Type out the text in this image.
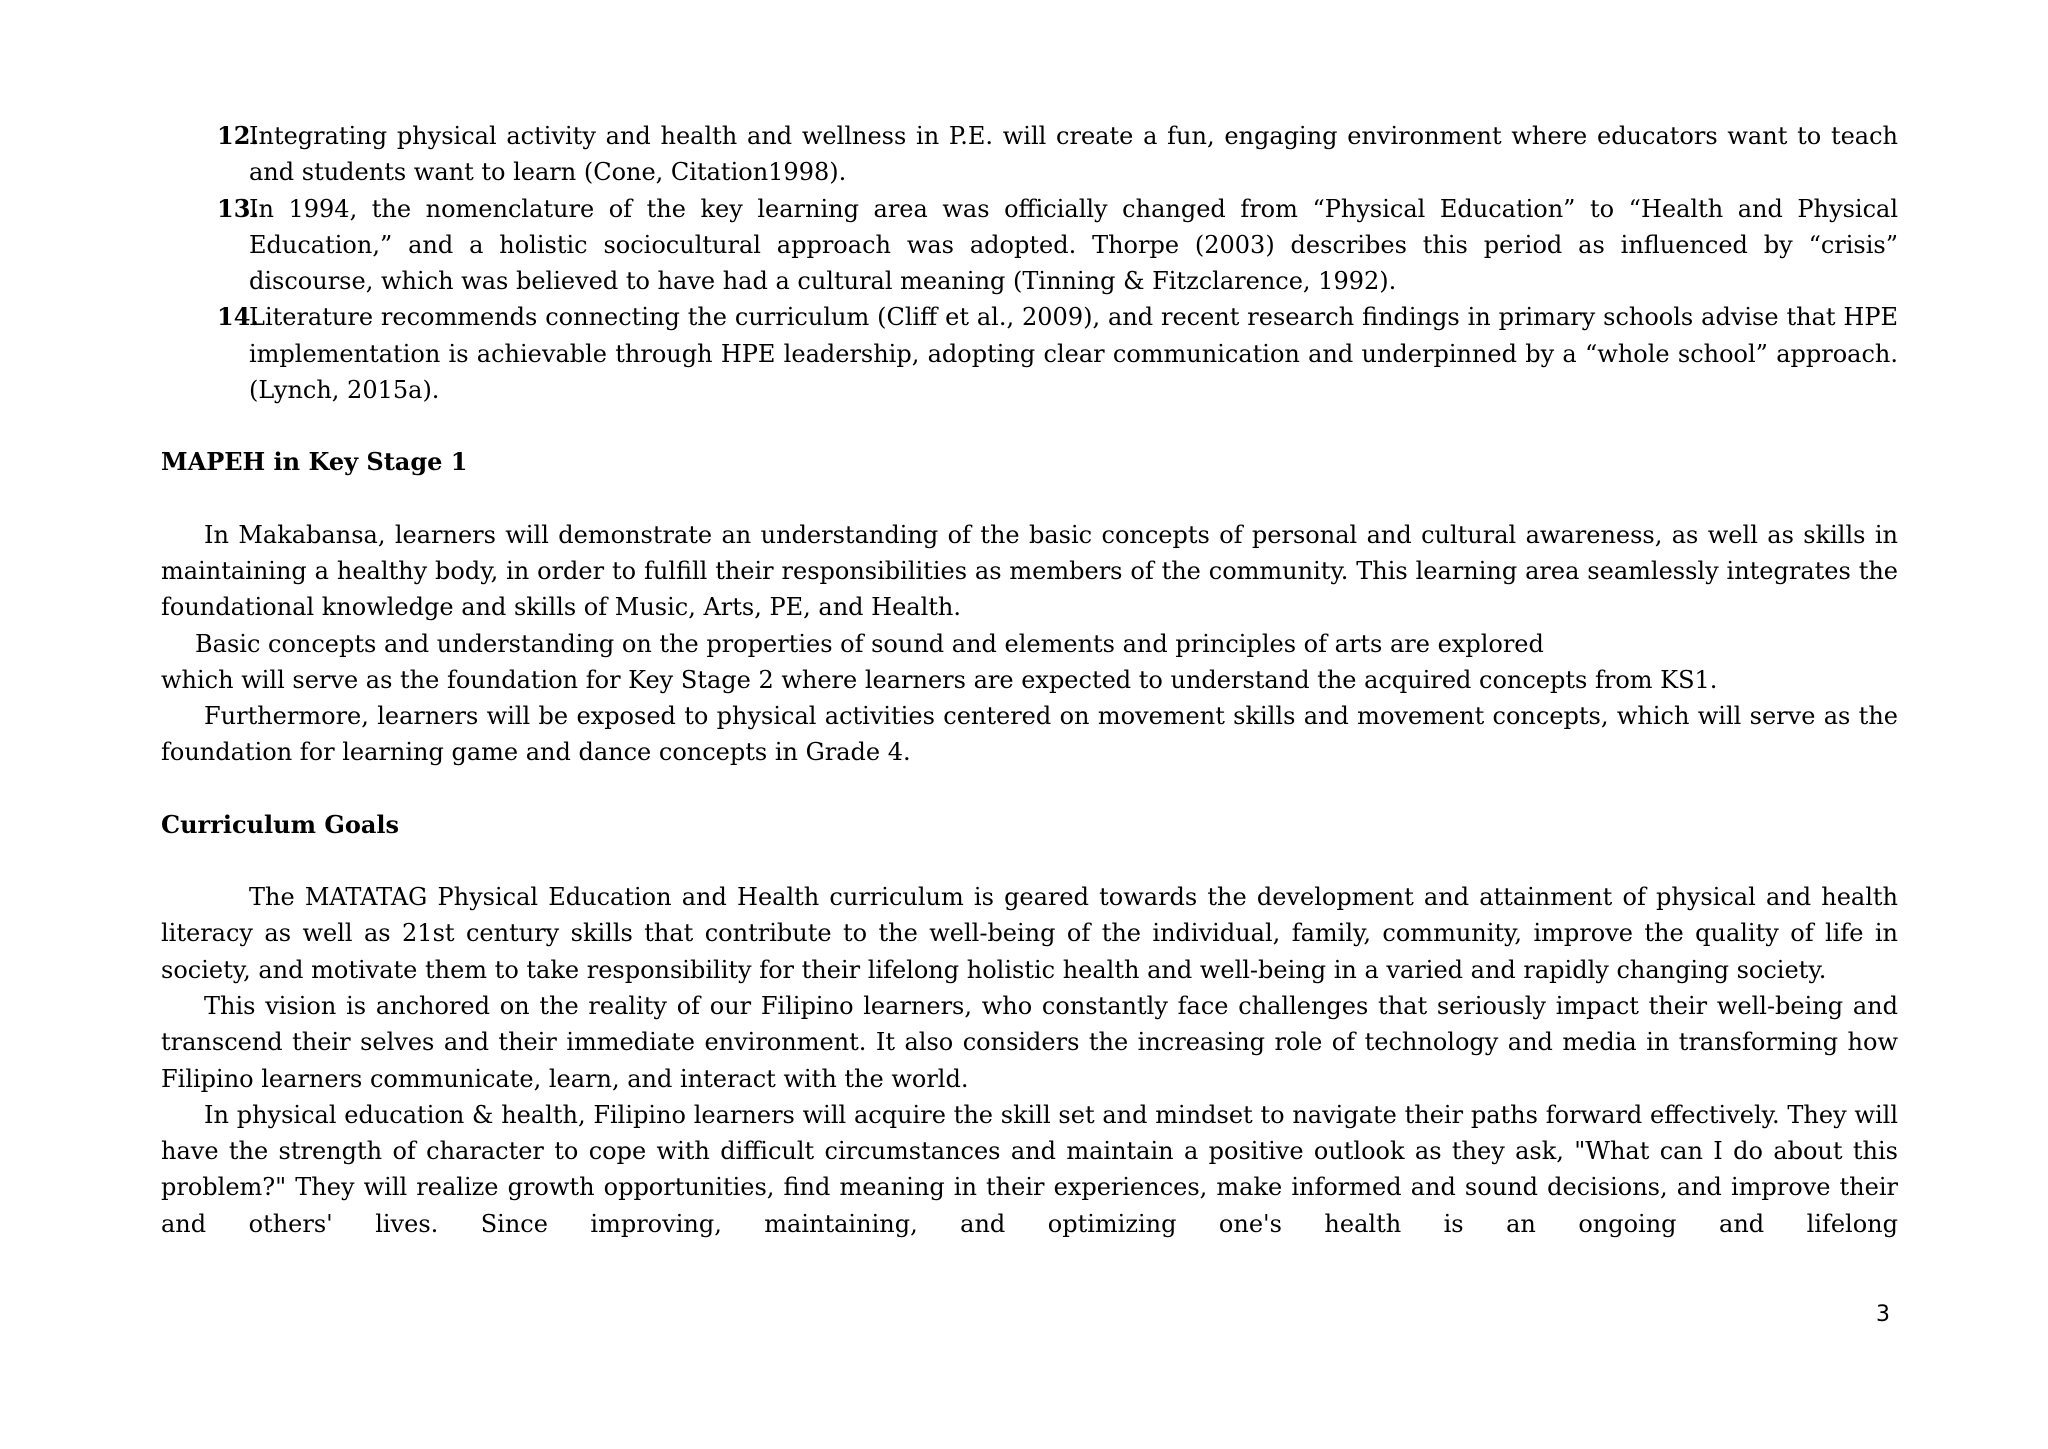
12.
Integrating physical activity and health and wellness in P.E. will create a fun, engaging environment where educators want to teach and students want to learn (Cone, Citation1998).
13.
In 1994, the nomenclature of the key learning area was officially changed from “Physical Education” to “Health and Physical Education,” and a holistic sociocultural approach was adopted. Thorpe (2003) describes this period as influenced by “crisis” discourse, which was believed to have had a cultural meaning (Tinning & Fitzclarence, 1992).
14.
Literature recommends connecting the curriculum (Cliff et al., 2009), and recent research findings in primary schools advise that HPE implementation is achievable through HPE leadership, adopting clear communication and underpinned by a “whole school” approach. (Lynch, 2015a).
MAPEH in Key Stage 1

In Makabansa, learners will demonstrate an understanding of the basic concepts of personal and cultural awareness, as well as skills in maintaining a healthy body, in order to fulfill their responsibilities as members of the community. This learning area seamlessly integrates the foundational knowledge and skills of Music, Arts, PE, and Health.

Basic concepts and understanding on the properties of sound and elements and principles of arts are explored

which will serve as the foundation for Key Stage 2 where learners are expected to understand the acquired concepts from KS1.

Furthermore, learners will be exposed to physical activities centered on movement skills and movement concepts, which will serve as the foundation for learning game and dance concepts in Grade 4.

Curriculum Goals

The MATATAG Physical Education and Health curriculum is geared towards the development and attainment of physical and health literacy as well as 21st century skills that contribute to the well-being of the individual, family, community, improve the quality of life in society, and motivate them to take responsibility for their lifelong holistic health and well-being in a varied and rapidly changing society.

This vision is anchored on the reality of our Filipino learners, who constantly face challenges that seriously impact their well-being and transcend their selves and their immediate environment. It also considers the increasing role of technology and media in transforming how Filipino learners communicate, learn, and interact with the world.

In physical education & health, Filipino learners will acquire the skill set and mindset to navigate their paths forward effectively. They will have the strength of character to cope with difficult circumstances and maintain a positive outlook as they ask, "What can I do about this problem?" They will realize growth opportunities, find meaning in their experiences, make informed and sound decisions, and improve their and others' lives. Since improving, maintaining, and optimizing one's health is an ongoing and lifelong

3
